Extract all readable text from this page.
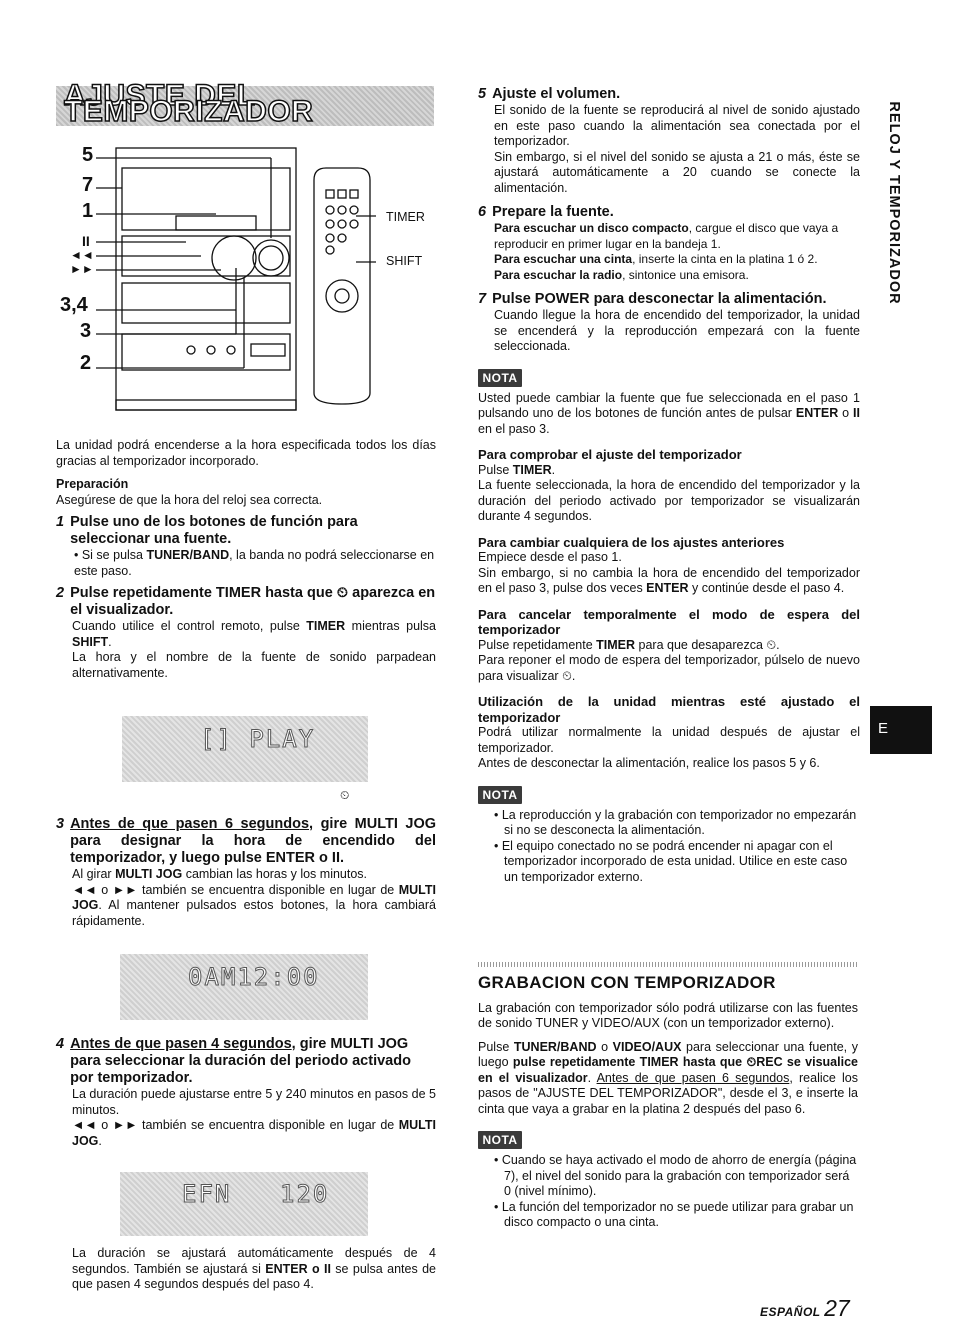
AJUSTE DEL TEMPORIZADOR	RELOJ Y TEMPORIZADOR
E
5
7
1
II
◄◄
►►
3,4
3
2
TIMER
SHIFT

La unidad podrá encenderse a la hora especificada todos los días gracias al temporizador incorporado.

Preparación

Asegúrese de que la hora del reloj sea correcta.

1 Pulse uno de los botones de función para seleccionar una fuente.

• Si se pulsa TUNER/BAND, la banda no podrá seleccionarse en este paso.

2 Pulse repetidamente TIMER hasta que ⏲ aparezca en el visualizador.

Cuando utilice el control remoto, pulse TIMER mientras pulsa SHIFT.

La hora y el nombre de la fuente de sonido parpadean alternativamente.

[] PLAY
⏲
3 Antes de que pasen 6 segundos, gire MULTI JOG para designar la hora de encendido del temporizador, y luego pulse ENTER o II.

Al girar MULTI JOG cambian las horas y los minutos.

◄◄ o ►► también se encuentra disponible en lugar de MULTI JOG. Al mantener pulsados estos botones, la hora cambiará rápidamente.

0AM12:00
4 Antes de que pasen 4 segundos, gire MULTI JOG para seleccionar la duración del periodo activado por temporizador.

La duración puede ajustarse entre 5 y 240 minutos en pasos de 5 minutos.

◄◄ o ►► también se encuentra disponible en lugar de MULTI JOG.

EFN 120

La duración se ajustará automáticamente después de 4 segundos. También se ajustará si ENTER o II se pulsa antes de que pasen 4 segundos después del paso 4.

5 Ajuste el volumen.

El sonido de la fuente se reproducirá al nivel de sonido ajustado en este paso cuando la alimentación sea conectada por el temporizador.

Sin embargo, si el nivel del sonido se ajusta a 21 o más, éste se ajustará automáticamente a 20 cuando se conecte la alimentación.

6 Prepare la fuente.

Para escuchar un disco compacto, cargue el disco que vaya a reproducir en primer lugar en la bandeja 1.

Para escuchar una cinta, inserte la cinta en la platina 1 ó 2.

Para escuchar la radio, sintonice una emisora.

7 Pulse POWER para desconectar la alimentación.

Cuando llegue la hora de encendido del temporizador, la unidad se encenderá y la reproducción empezará con la fuente seleccionada.

NOTA

Usted puede cambiar la fuente que fue seleccionada en el paso 1 pulsando uno de los botones de función antes de pulsar ENTER o II en el paso 3.

Para comprobar el ajuste del temporizador

Pulse TIMER.

La fuente seleccionada, la hora de encendido del temporizador y la duración del periodo activado por temporizador se visualizarán durante 4 segundos.

Para cambiar cualquiera de los ajustes anteriores

Empiece desde el paso 1.

Sin embargo, si no cambia la hora de encendido del temporizador en el paso 3, pulse dos veces ENTER y continúe desde el paso 4.

Para cancelar temporalmente el modo de espera del temporizador

Pulse repetidamente TIMER para que desaparezca ⏲.

Para reponer el modo de espera del temporizador, púlselo de nuevo para visualizar ⏲.

Utilización de la unidad mientras esté ajustado el temporizador

Podrá utilizar normalmente la unidad después de ajustar el temporizador.

Antes de desconectar la alimentación, realice los pasos 5 y 6.

NOTA

• La reproducción y la grabación con temporizador no empezarán si no se desconecta la alimentación.

• El equipo conectado no se podrá encender ni apagar con el temporizador incorporado de esta unidad. Utilice en este caso un temporizador externo.

GRABACION CON TEMPORIZADOR

La grabación con temporizador sólo podrá utilizarse con las fuentes de sonido TUNER y VIDEO/AUX (con un temporizador externo).

Pulse TUNER/BAND o VIDEO/AUX para seleccionar una fuente, y luego pulse repetidamente TIMER hasta que ⏲REC se visualice en el visualizador. Antes de que pasen 6 segundos, realice los pasos de "AJUSTE DEL TEMPORIZADOR", desde el 3, e inserte la cinta que vaya a grabar en la platina 2 después del paso 6.

NOTA

• Cuando se haya activado el modo de ahorro de energía (página 7), el nivel del sonido para la grabación con temporizador será 0 (nivel mínimo).

• La función del temporizador no se puede utilizar para grabar un disco compacto o una cinta.

ESPAÑOL 27
